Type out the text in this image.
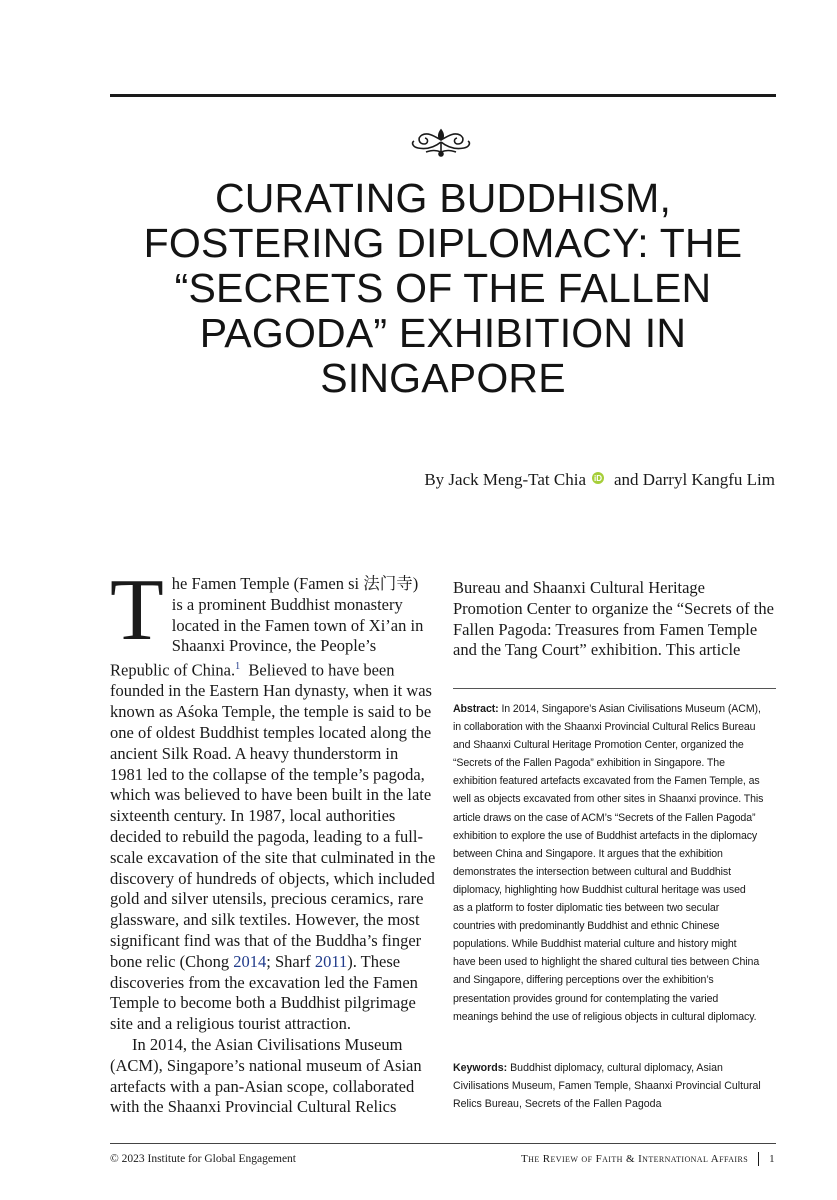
CURATING BUDDHISM,
FOSTERING DIPLOMACY: THE
“SECRETS OF THE FALLEN
PAGODA” EXHIBITION IN
SINGAPORE
By Jack Meng-Tat Chia iD and Darryl Kangfu Lim
T he Famen Temple (Famen si 法门寺)
is a prominent Buddhist monastery
located in the Famen town of Xi’an in
Shaanxi Province, the People’s
Republic of China.$^1$  Believed to have been
founded in the Eastern Han dynasty, when it was
known as Aśoka Temple, the temple is said to be
one of oldest Buddhist temples located along the
ancient Silk Road. A heavy thunderstorm in
1981 led to the collapse of the temple’s pagoda,
which was believed to have been built in the late
sixteenth century. In 1987, local authorities
decided to rebuild the pagoda, leading to a full-
scale excavation of the site that culminated in the
discovery of hundreds of objects, which included
gold and silver utensils, precious ceramics, rare
glassware, and silk textiles. However, the most
significant find was that of the Buddha’s finger
bone relic (Chong 2014; Sharf 2011). These
discoveries from the excavation led the Famen
Temple to become both a Buddhist pilgrimage
site and a religious tourist attraction.

In 2014, the Asian Civilisations Museum
(ACM), Singapore’s national museum of Asian
artefacts with a pan-Asian scope, collaborated
with the Shaanxi Provincial Cultural Relics

Bureau and Shaanxi Cultural Heritage
Promotion Center to organize the “Secrets of the
Fallen Pagoda: Treasures from Famen Temple
and the Tang Court” exhibition. This article
Abstract: In 2014, Singapore’s Asian Civilisations Museum (ACM),
in collaboration with the Shaanxi Provincial Cultural Relics Bureau
and Shaanxi Cultural Heritage Promotion Center, organized the
“Secrets of the Fallen Pagoda” exhibition in Singapore. The
exhibition featured artefacts excavated from the Famen Temple, as
well as objects excavated from other sites in Shaanxi province. This
article draws on the case of ACM’s “Secrets of the Fallen Pagoda”
exhibition to explore the use of Buddhist artefacts in the diplomacy
between China and Singapore. It argues that the exhibition
demonstrates the intersection between cultural and Buddhist
diplomacy, highlighting how Buddhist cultural heritage was used
as a platform to foster diplomatic ties between two secular
countries with predominantly Buddhist and ethnic Chinese
populations. While Buddhist material culture and history might
have been used to highlight the shared cultural ties between China
and Singapore, differing perceptions over the exhibition’s
presentation provides ground for contemplating the varied
meanings behind the use of religious objects in cultural diplomacy.
Keywords: Buddhist diplomacy, cultural diplomacy, Asian
Civilisations Museum, Famen Temple, Shaanxi Provincial Cultural
Relics Bureau, Secrets of the Fallen Pagoda
© 2023 Institute for Global Engagement	The Review of Faith & International Affairs 1
